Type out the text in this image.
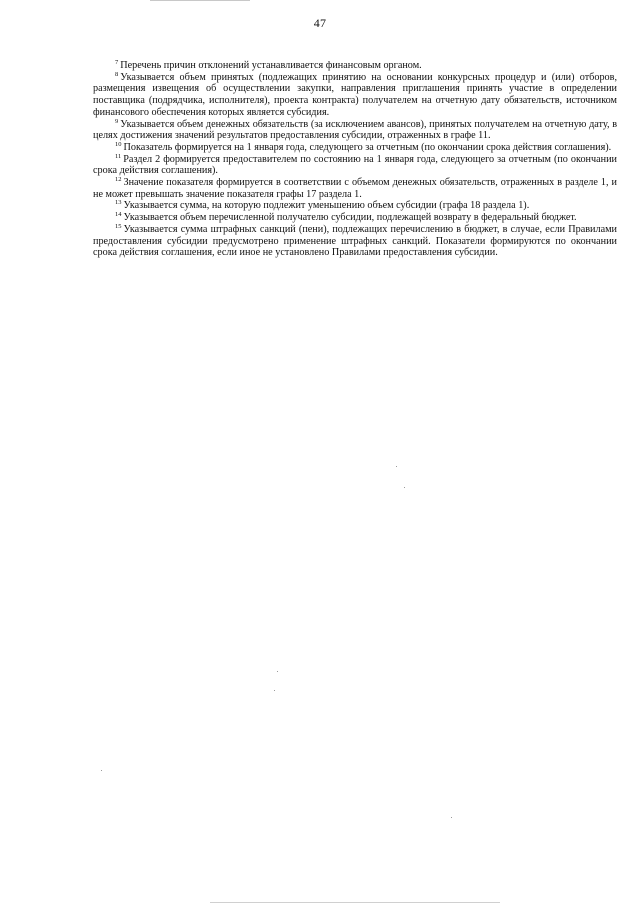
47

$^7$ Перечень причин отклонений устанавливается финансовым органом.

$^8$ Указывается объем принятых (подлежащих принятию на основании конкурсных процедур и (или) отборов, размещения извещения об осуществлении закупки, направления приглашения принять участие в определении поставщика (подрядчика, исполнителя), проекта контракта) получателем на отчетную дату обязательств, источником финансового обеспечения которых является субсидия.

$^9$ Указывается объем денежных обязательств (за исключением авансов), принятых получателем на отчетную дату, в целях достижения значений результатов предоставления субсидии, отраженных в графе 11.

$^{10}$ Показатель формируется на 1 января года, следующего за отчетным (по окончании срока действия соглашения).

$^{11}$ Раздел 2 формируется предоставителем по состоянию на 1 января года, следующего за отчетным (по окончании срока действия соглашения).

$^{12}$ Значение показателя формируется в соответствии с объемом денежных обязательств, отраженных в разделе 1, и не может превышать значение показателя графы 17 раздела 1.

$^{13}$ Указывается сумма, на которую подлежит уменьшению объем субсидии (графа 18 раздела 1).

$^{14}$ Указывается объем перечисленной получателю субсидии, подлежащей возврату в федеральный бюджет.

$^{15}$ Указывается сумма штрафных санкций (пени), подлежащих перечислению в бюджет, в случае, если Правилами предоставления субсидии предусмотрено применение штрафных санкций. Показатели формируются по окончании срока действия соглашения, если иное не установлено Правилами предоставления субсидии.
